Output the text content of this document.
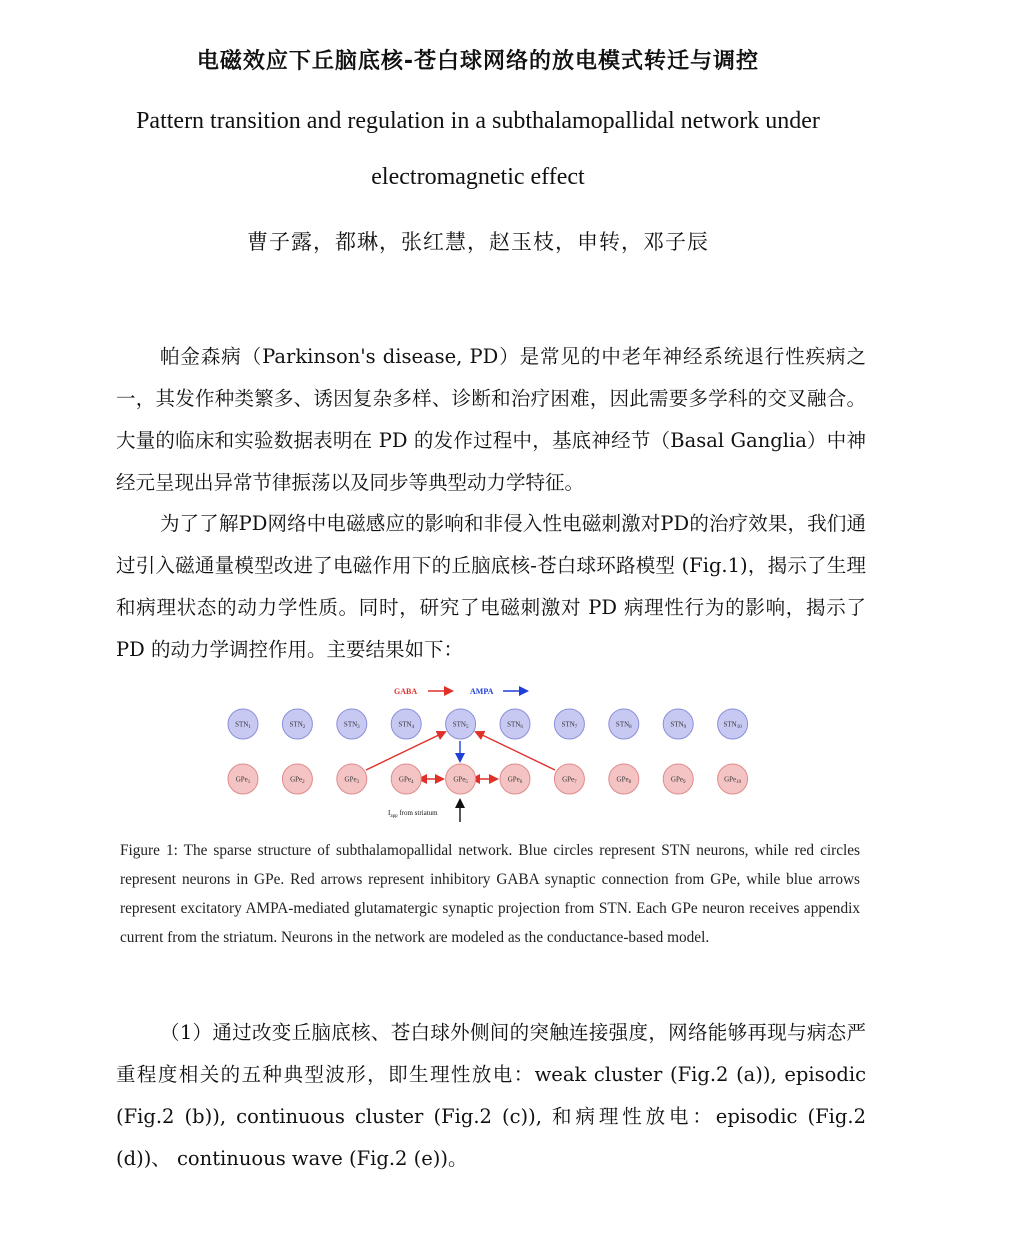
电磁效应下丘脑底核-苍白球网络的放电模式转迁与调控
Pattern transition and regulation in a subthalamopallidal network under
electromagnetic effect
曹子露，都琳，张红慧，赵玉枝，申转，邓子辰

帕金森病（Parkinson's disease, PD）是常见的中老年神经系统退行性疾病之一，其发作种类繁多、诱因复杂多样、诊断和治疗困难，因此需要多学科的交叉融合。大量的临床和实验数据表明在 PD 的发作过程中，基底神经节（Basal Ganglia）中神经元呈现出异常节律振荡以及同步等典型动力学特征。

为了了解PD网络中电磁感应的影响和非侵入性电磁刺激对PD的治疗效果，我们通过引入磁通量模型改进了电磁作用下的丘脑底核-苍白球环路模型 (Fig.1)，揭示了生理和病理状态的动力学性质。同时，研究了电磁刺激对 PD 病理性行为的影响，揭示了 PD 的动力学调控作用。主要结果如下：

GABA	AMPA
$STN_1$	$STN_2$	$STN_3$	$STN_4$	$STN_5$	$STN_6$	$STN_7$	$STN_8$	$STN_9$	$STN_{10}$
GPe$_1$	GPe$_2$	GPe$_3$	GPe$_4$	GPe$_5$	GPe$_6$	GPe$_7$	GPe$_8$	GPe$_9$	GPe$_{10}$
$I_{app}$ from striatum

Figure 1: The sparse structure of subthalamopallidal network. Blue circles represent STN neurons, while red circles represent neurons in GPe. Red arrows represent inhibitory GABA synaptic connection from GPe, while blue arrows represent excitatory AMPA-mediated glutamatergic synaptic projection from STN. Each GPe neuron receives appendix current from the striatum. Neurons in the network are modeled as the conductance-based model.

（1）通过改变丘脑底核、苍白球外侧间的突触连接强度，网络能够再现与病态严重程度相关的五种典型波形，即生理性放电：weak cluster (Fig.2 (a)), episodic (Fig.2 (b)), continuous cluster (Fig.2 (c)), 和病理性放电：episodic (Fig.2 (d))、 continuous wave (Fig.2 (e))。
